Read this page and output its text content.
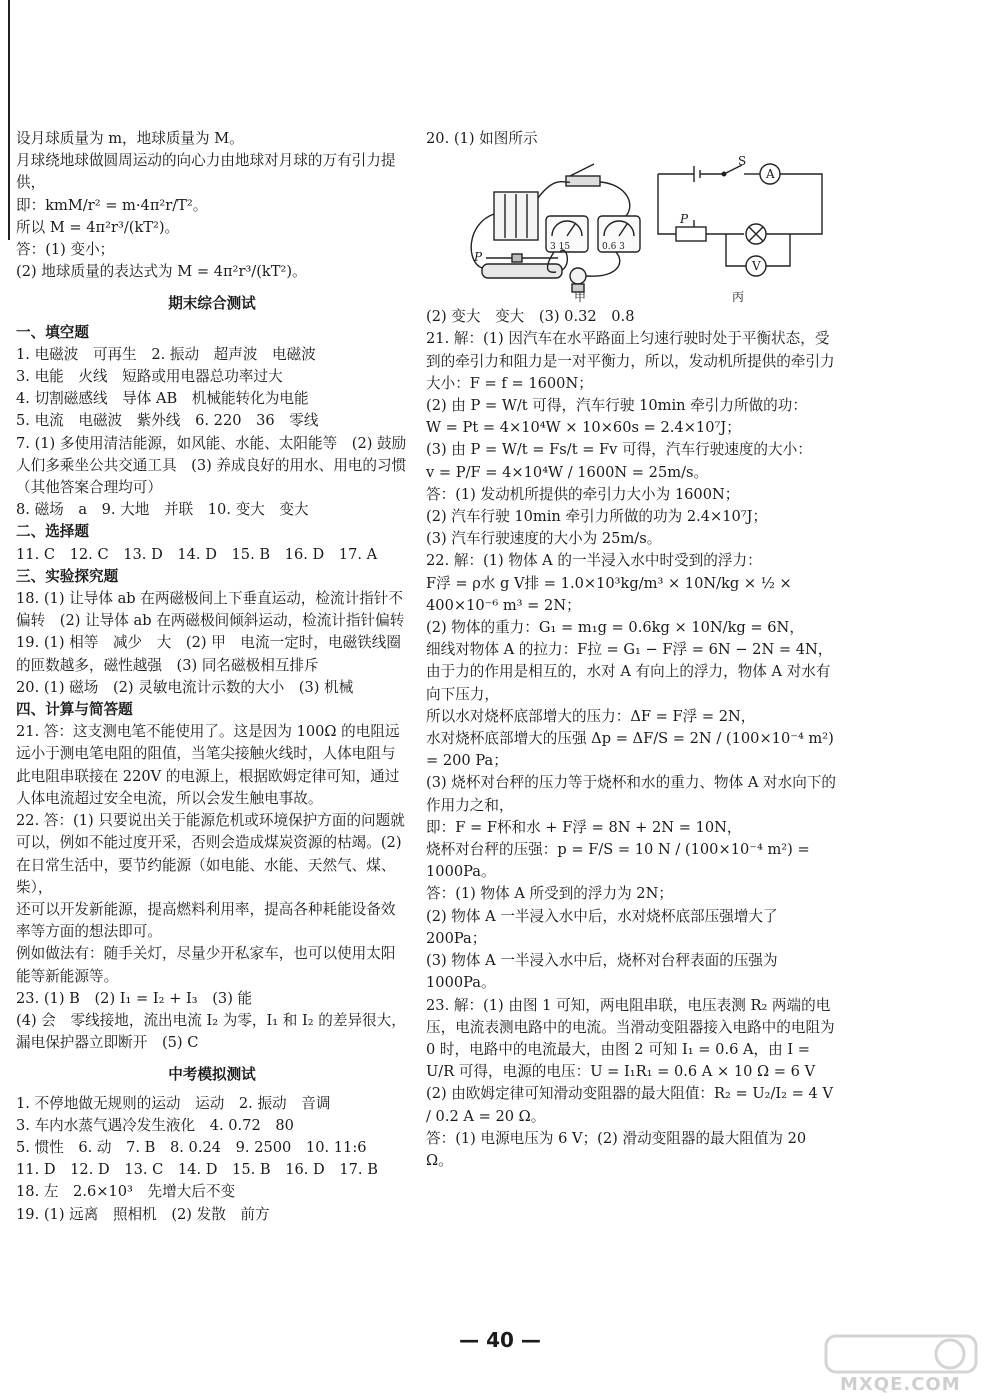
设月球质量为 m，地球质量为 M。

月球绕地球做圆周运动的向心力由地球对月球的万有引力提供，

即：kmM/r² = m·4π²r/T²。

所以 M = 4π²r³/(kT²)。

答：(1) 变小；

(2) 地球质量的表达式为 M = 4π²r³/(kT²)。

期末综合测试

一、填空题

1. 电磁波　可再生　2. 振动　超声波　电磁波

3. 电能　火线　短路或用电器总功率过大

4. 切割磁感线　导体 AB　机械能转化为电能

5. 电流　电磁波　紫外线　6. 220　36　零线

7. (1) 多使用清洁能源，如风能、水能、太阳能等　(2) 鼓励人们多乘坐公共交通工具　(3) 养成良好的用水、用电的习惯（其他答案合理均可）

8. 磁场　a　9. 大地　并联　10. 变大　变大

二、选择题

11. C　12. C　13. D　14. D　15. B　16. D　17. A

三、实验探究题

18. (1) 让导体 ab 在两磁极间上下垂直运动，检流计指针不偏转　(2) 让导体 ab 在两磁极间倾斜运动，检流计指针偏转

19. (1) 相等　减少　大　(2) 甲　电流一定时，电磁铁线圈的匝数越多，磁性越强　(3) 同名磁极相互排斥

20. (1) 磁场　(2) 灵敏电流计示数的大小　(3) 机械

四、计算与简答题

21. 答：这支测电笔不能使用了。这是因为 100Ω 的电阻远远小于测电笔电阻的阻值，当笔尖接触火线时，人体电阻与此电阻串联接在 220V 的电源上，根据欧姆定律可知，通过人体电流超过安全电流，所以会发生触电事故。

22. 答：(1) 只要说出关于能源危机或环境保护方面的问题就可以，例如不能过度开采，否则会造成煤炭资源的枯竭。(2) 在日常生活中，要节约能源（如电能、水能、天然气、煤、柴），

还可以开发新能源，提高燃料利用率，提高各种耗能设备效率等方面的想法即可。

例如做法有：随手关灯，尽量少开私家车，也可以使用太阳能等新能源等。

23. (1) B　(2) I₁ = I₂ + I₃　(3) 能

(4) 会　零线接地，流出电流 I₂ 为零，I₁ 和 I₂ 的差异很大，漏电保护器立即断开　(5) C

中考模拟测试

1. 不停地做无规则的运动　运动　2. 振动　音调

3. 车内水蒸气遇冷发生液化　4. 0.72　80

5. 惯性　6. 动　7. B　8. 0.24　9. 2500　10. 11:6

11. D　12. D　13. C　14. D　15. B　16. D　17. B

18. 左　2.6×10³　先增大后不变

19. (1) 远离　照相机　(2) 发散　前方

20. (1) 如图所示

甲	丙
P
P
S
A
V
3 15	0.6 3

(2) 变大　变大　(3) 0.32　0.8

21. 解：(1) 因汽车在水平路面上匀速行驶时处于平衡状态，受到的牵引力和阻力是一对平衡力，所以，发动机所提供的牵引力大小：F = f = 1600N；

(2) 由 P = W/t 可得，汽车行驶 10min 牵引力所做的功：

W = Pt = 4×10⁴W × 10×60s = 2.4×10⁷J；

(3) 由 P = W/t = Fs/t = Fv 可得，汽车行驶速度的大小：

v = P/F = 4×10⁴W / 1600N = 25m/s。

答：(1) 发动机所提供的牵引力大小为 1600N；

(2) 汽车行驶 10min 牵引力所做的功为 2.4×10⁷J；

(3) 汽车行驶速度的大小为 25m/s。

22. 解：(1) 物体 A 的一半浸入水中时受到的浮力：

F浮 = ρ水 g V排 = 1.0×10³kg/m³ × 10N/kg × ½ × 400×10⁻⁶ m³ = 2N；

(2) 物体的重力：G₁ = m₁g = 0.6kg × 10N/kg = 6N，

细线对物体 A 的拉力：F拉 = G₁ − F浮 = 6N − 2N = 4N，

由于力的作用是相互的，水对 A 有向上的浮力，物体 A 对水有向下压力，

所以水对烧杯底部增大的压力：ΔF = F浮 = 2N，

水对烧杯底部增大的压强 Δp = ΔF/S = 2N / (100×10⁻⁴ m²) = 200 Pa；

(3) 烧杯对台秤的压力等于烧杯和水的重力、物体 A 对水向下的作用力之和，

即：F = F杯和水 + F浮 = 8N + 2N = 10N，

烧杯对台秤的压强：p = F/S = 10 N / (100×10⁻⁴ m²) = 1000Pa。

答：(1) 物体 A 所受到的浮力为 2N；

(2) 物体 A 一半浸入水中后，水对烧杯底部压强增大了 200Pa；

(3) 物体 A 一半浸入水中后，烧杯对台秤表面的压强为 1000Pa。

23. 解：(1) 由图 1 可知，两电阻串联，电压表测 R₂ 两端的电压，电流表测电路中的电流。当滑动变阻器接入电路中的电阻为 0 时，电路中的电流最大，由图 2 可知 I₁ = 0.6 A，由 I = U/R 可得，电源的电压：U = I₁R₁ = 0.6 A × 10 Ω = 6 V

(2) 由欧姆定律可知滑动变阻器的最大阻值：R₂ = U₂/I₂ = 4 V / 0.2 A = 20 Ω。

答：(1) 电源电压为 6 V；(2) 滑动变阻器的最大阻值为 20 Ω。

— 40 —
MXQE.COM
